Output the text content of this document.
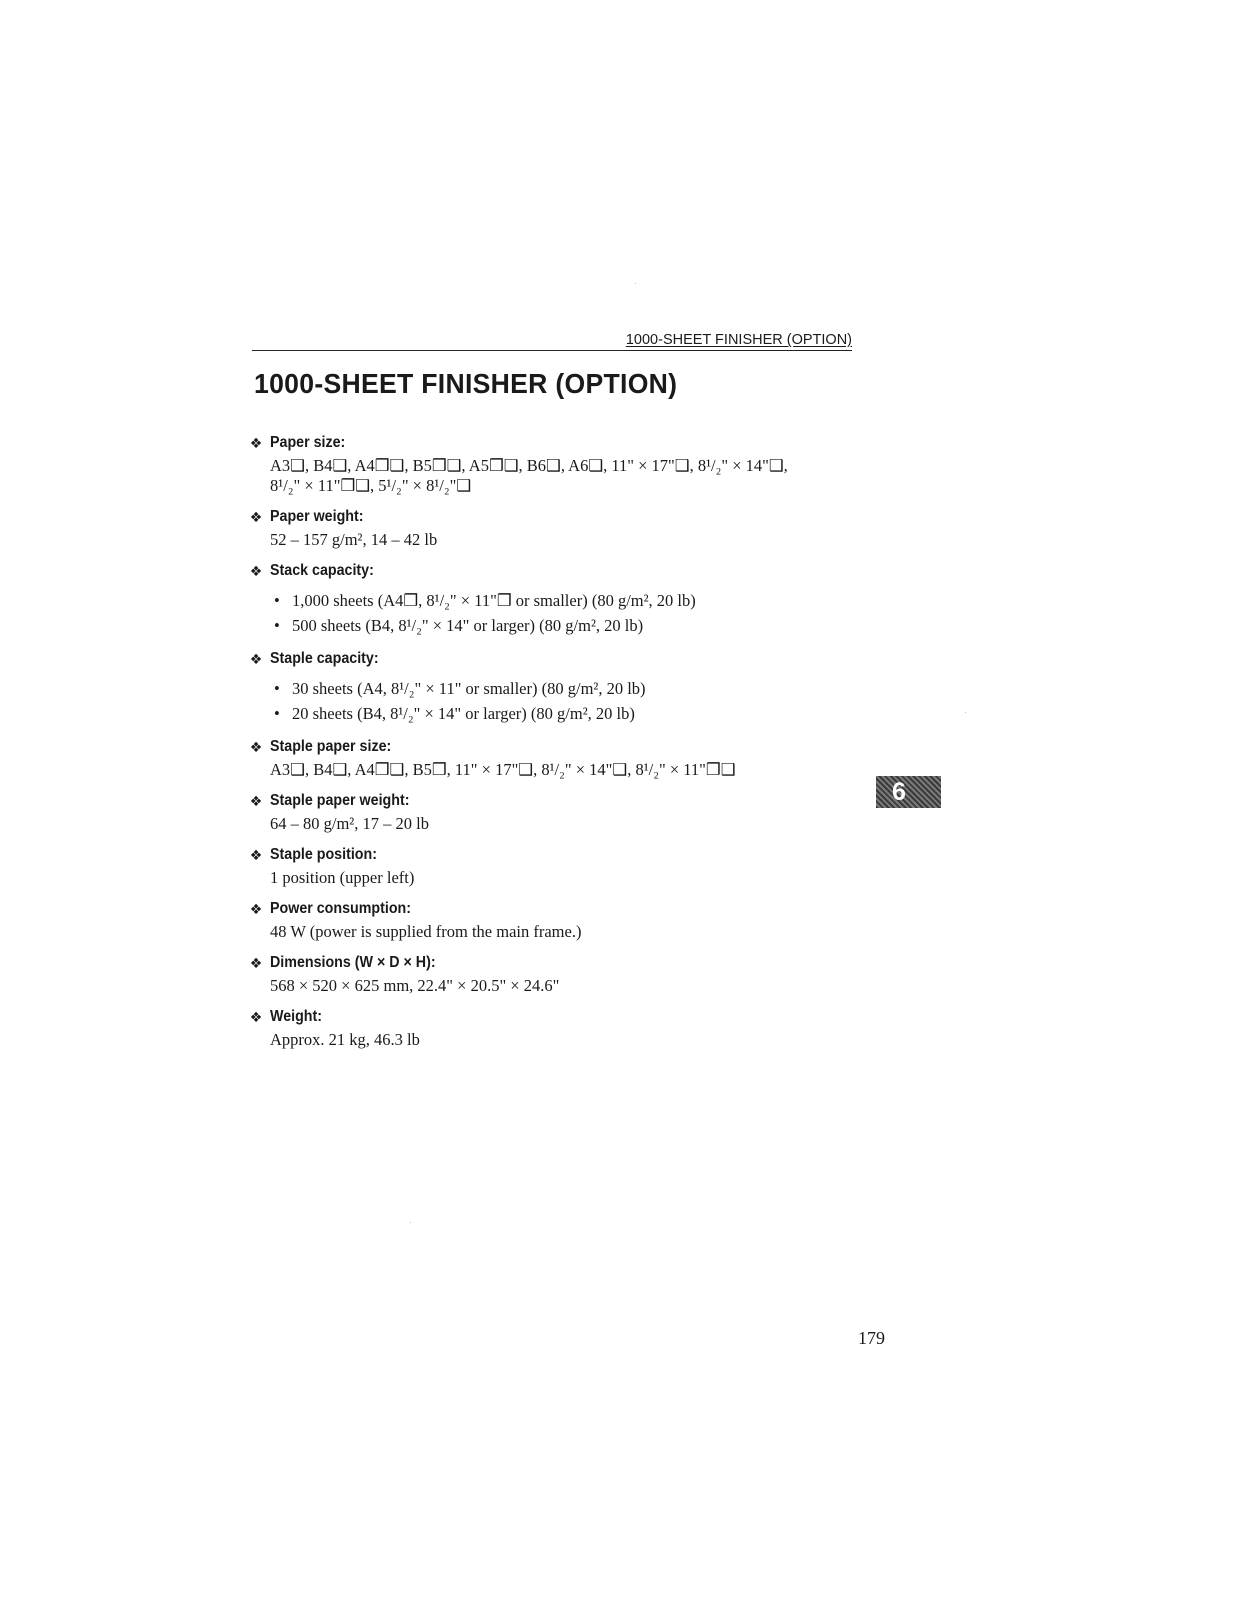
1000-SHEET FINISHER (OPTION)
1000-SHEET FINISHER (OPTION)
❖ Paper size:
A3❑, B4❑, A4❒❑, B5❒❑, A5❒❑, B6❑, A6❑, 11" × 17"❑, 8¹/₂" × 14"❑,
8¹/₂" × 11"❒❑, 5¹/₂" × 8¹/₂"❑
❖ Paper weight:
52 – 157 g/m², 14 – 42 lb
❖ Stack capacity:
• 1,000 sheets (A4❒, 8¹/₂" × 11"❒ or smaller) (80 g/m², 20 lb)
• 500 sheets (B4, 8¹/₂" × 14" or larger) (80 g/m², 20 lb)
❖ Staple capacity:
• 30 sheets (A4, 8¹/₂" × 11" or smaller) (80 g/m², 20 lb)
• 20 sheets (B4, 8¹/₂" × 14" or larger) (80 g/m², 20 lb)
❖ Staple paper size:
A3❑, B4❑, A4❒❑, B5❒, 11" × 17"❑, 8¹/₂" × 14"❑, 8¹/₂" × 11"❒❑
❖ Staple paper weight:
64 – 80 g/m², 17 – 20 lb
❖ Staple position:
1 position (upper left)
❖ Power consumption:
48 W (power is supplied from the main frame.)
❖ Dimensions (W × D × H):
568 × 520 × 625 mm, 22.4" × 20.5" × 24.6"
❖ Weight:
Approx. 21 kg, 46.3 lb
6
179
